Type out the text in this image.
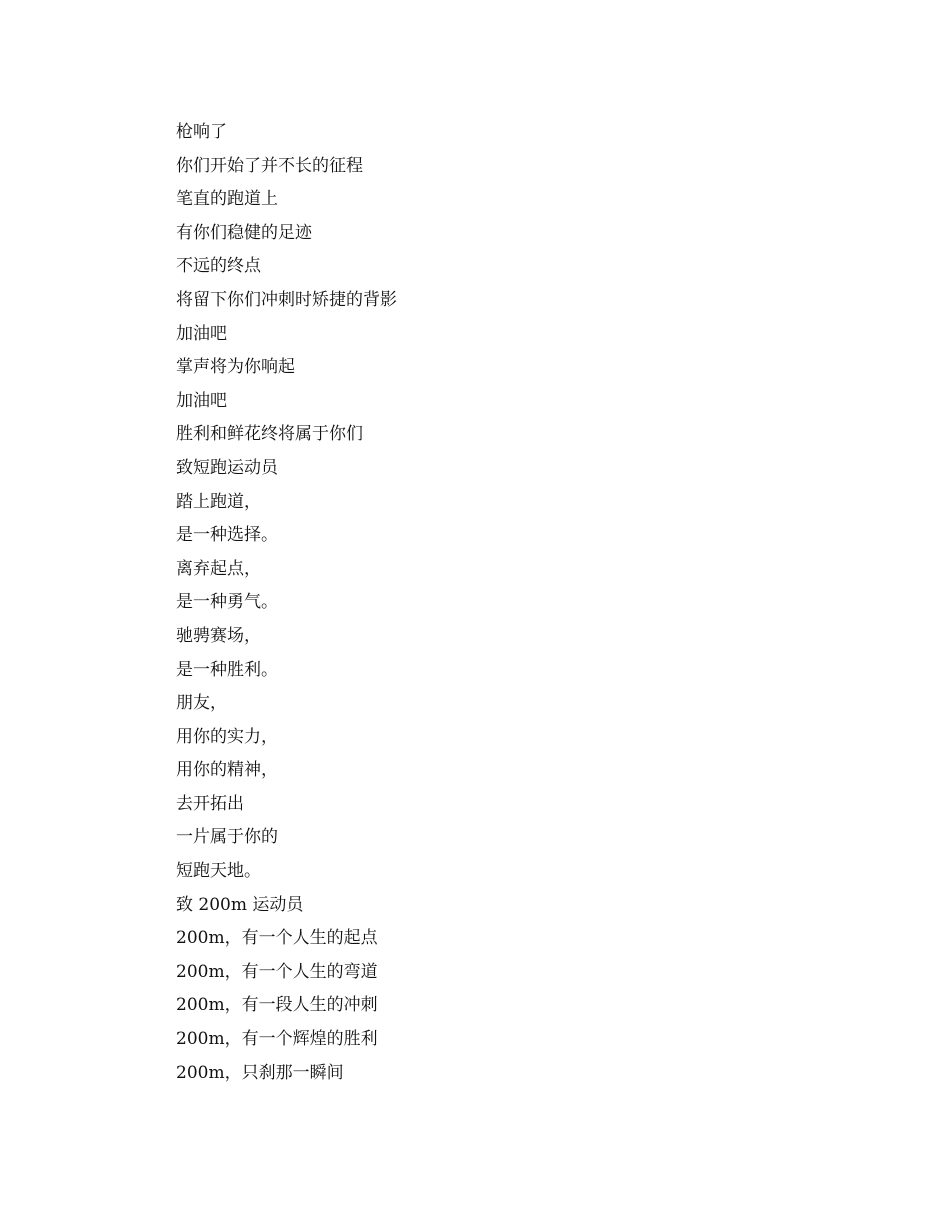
枪响了
你们开始了并不长的征程
笔直的跑道上
有你们稳健的足迹
不远的终点
将留下你们冲刺时矫捷的背影
加油吧
掌声将为你响起
加油吧
胜利和鲜花终将属于你们
致短跑运动员
踏上跑道，
是一种选择。
离弃起点，
是一种勇气。
驰骋赛场，
是一种胜利。
朋友，
用你的实力，
用你的精神，
去开拓出
一片属于你的
短跑天地。
致 200m 运动员
200m，有一个人生的起点
200m，有一个人生的弯道
200m，有一段人生的冲刺
200m，有一个辉煌的胜利
200m，只刹那一瞬间
